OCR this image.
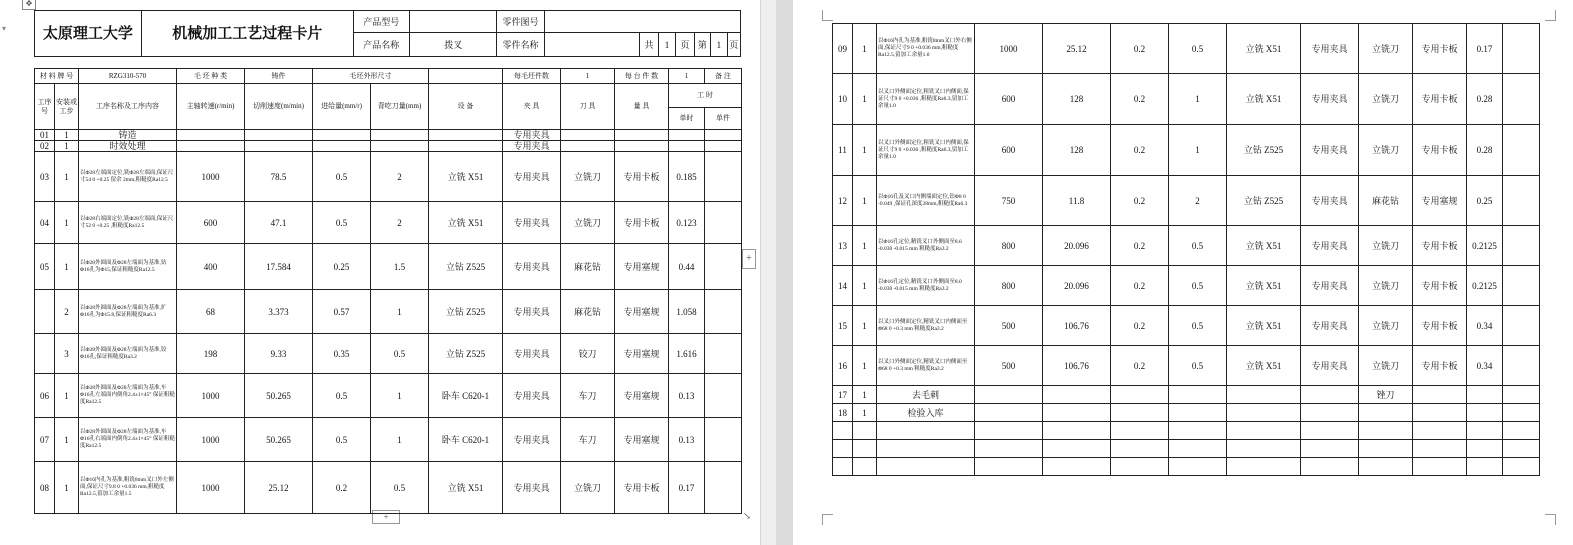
✥
▾
+
+	↘
太原理工大学	机械加工工艺过程卡片	产品型号		零件图号							
		产品名称	拨叉	零件名称		共	1	页	第	1	页
材 料 牌 号		RZG310-570	毛 坯 种 类	铸件	毛坯外形尺寸			每毛坯件数	1	每 台 件 数	1	备 注
工序号	安装或工步	工序名称及工序内容	主轴转速(r/min)	切削速度(m/min)	进给量(mm/r)	背吃刀量(mm)	设 备	夹 具	刀 具	量 具	工 时	
											单时	单件
01	1	铸造						专用夹具				
02	1	时效处理						专用夹具				
03	1	以Φ28左端面定位,铣Φ28左端面,保证尺寸54 0 +0.25 留余 2mm,粗糙度Ra12.5	1000	78.5	0.5	2	立铣 X51	专用夹具	立铣刀	专用卡板	0.185	
04	1	以Φ28右端面定位,铣Φ28左端面,保证尺寸52 0 +0.25 ,粗糙度Ra12.5	600	47.1	0.5	2	立铣 X51	专用夹具	立铣刀	专用卡板	0.123	
05	1	以Φ28外圆面及Φ28左端面为基准,钻Φ16孔为Φ15,保证粗糙度Ra12.5	400	17.584	0.25	1.5	立钻 Z525	专用夹具	麻花钻	专用塞规	0.44	
	2	以Φ28外圆面及Φ28左端面为基准,扩Φ16孔为Φ15.8,保证粗糙度Ra6.3	68	3.373	0.57	1	立钻 Z525	专用夹具	麻花钻	专用塞规	1.058	
	3	以Φ28外圆面及Φ28左端面为基准,铰Φ16孔,保证粗糙度Ra3.2	198	9.33	0.35	0.5	立钻 Z525	专用夹具	铰刀	专用塞规	1.616	
06	1	以Φ28外圆面及Φ28左端面为基准,车Φ16孔左端面内倒角2.4±1×45° 保证粗糙度Ra12.5	1000	50.265	0.5	1	卧车 C620-1	专用夹具	车刀	专用塞规	0.13	
07	1	以Φ28外圆面及Φ28左端面为基准,车Φ16孔右端面内倒角2.4±1×45° 保证粗糙度Ra12.5	1000	50.265	0.5	1	卧车 C620-1	专用夹具	车刀	专用塞规	0.13	
08	1	以Φ16内孔为基准,粗铣8mm叉口外左侧面,保证尺寸9.8 0 +0.036 mm,粗糙度Ra12.5,留加工余量1.5	1000	25.12	0.2	0.5	立铣 X51	专用夹具	立铣刀	专用卡板	0.17	
09	1	以Φ16内孔为基准,粗铣8mm叉口外右侧面,保证尺寸9 0 +0.036 mm,粗糙度Ra12.5,留加工余量1.0	1000	25.12	0.2	0.5	立铣 X51	专用夹具	立铣刀	专用卡板	0.17	
10	1	以叉口外侧面定位,粗铣叉口内侧面,保证尺寸9 0 +0.036 ,粗糙度Ra6.3,留加工余量1.0	600	128	0.2	1	立铣 X51	专用夹具	立铣刀	专用卡板	0.28	
11	1	以叉口外侧面定位,粗铣叉口内侧面,保证尺寸9 0 +0.036 ,粗糙度Ra6.3,留加工余量1.0	600	128	0.2	1	立钻 Z525	专用夹具	立铣刀	专用卡板	0.28	
12	1	以Φ16孔及叉口内侧端面定位,钻Φ8 0 -0.049 ,保证孔深度28mm,粗糙度Ra6.3	750	11.8	0.2	2	立钻 Z525	专用夹具	麻花钻	专用塞规	0.25	
13	1	以Φ16孔定位,精铣叉口外侧面至8.6 -0.030 -0.015 mm 粗糙度Ra3.2	800	20.096	0.2	0.5	立铣 X51	专用夹具	立铣刀	专用卡板	0.2125	
14	1	以Φ16孔定位,精铣叉口外侧面至8.0 -0.030 -0.015 mm 粗糙度Ra3.2	800	20.096	0.2	0.5	立铣 X51	专用夹具	立铣刀	专用卡板	0.2125	
15	1	以叉口外侧面定位,精铣叉口内侧面至Φ68 0 +0.3 mm 粗糙度Ra3.2	500	106.76	0.2	0.5	立铣 X51	专用夹具	立铣刀	专用卡板	0.34	
16	1	以叉口外侧面定位,精铣叉口内侧面至Φ68 0 +0.3 mm 粗糙度Ra3.2	500	106.76	0.2	0.5	立铣 X51	专用夹具	立铣刀	专用卡板	0.34	
17	1	去毛刺							锉刀			
18	1	检验入库										
